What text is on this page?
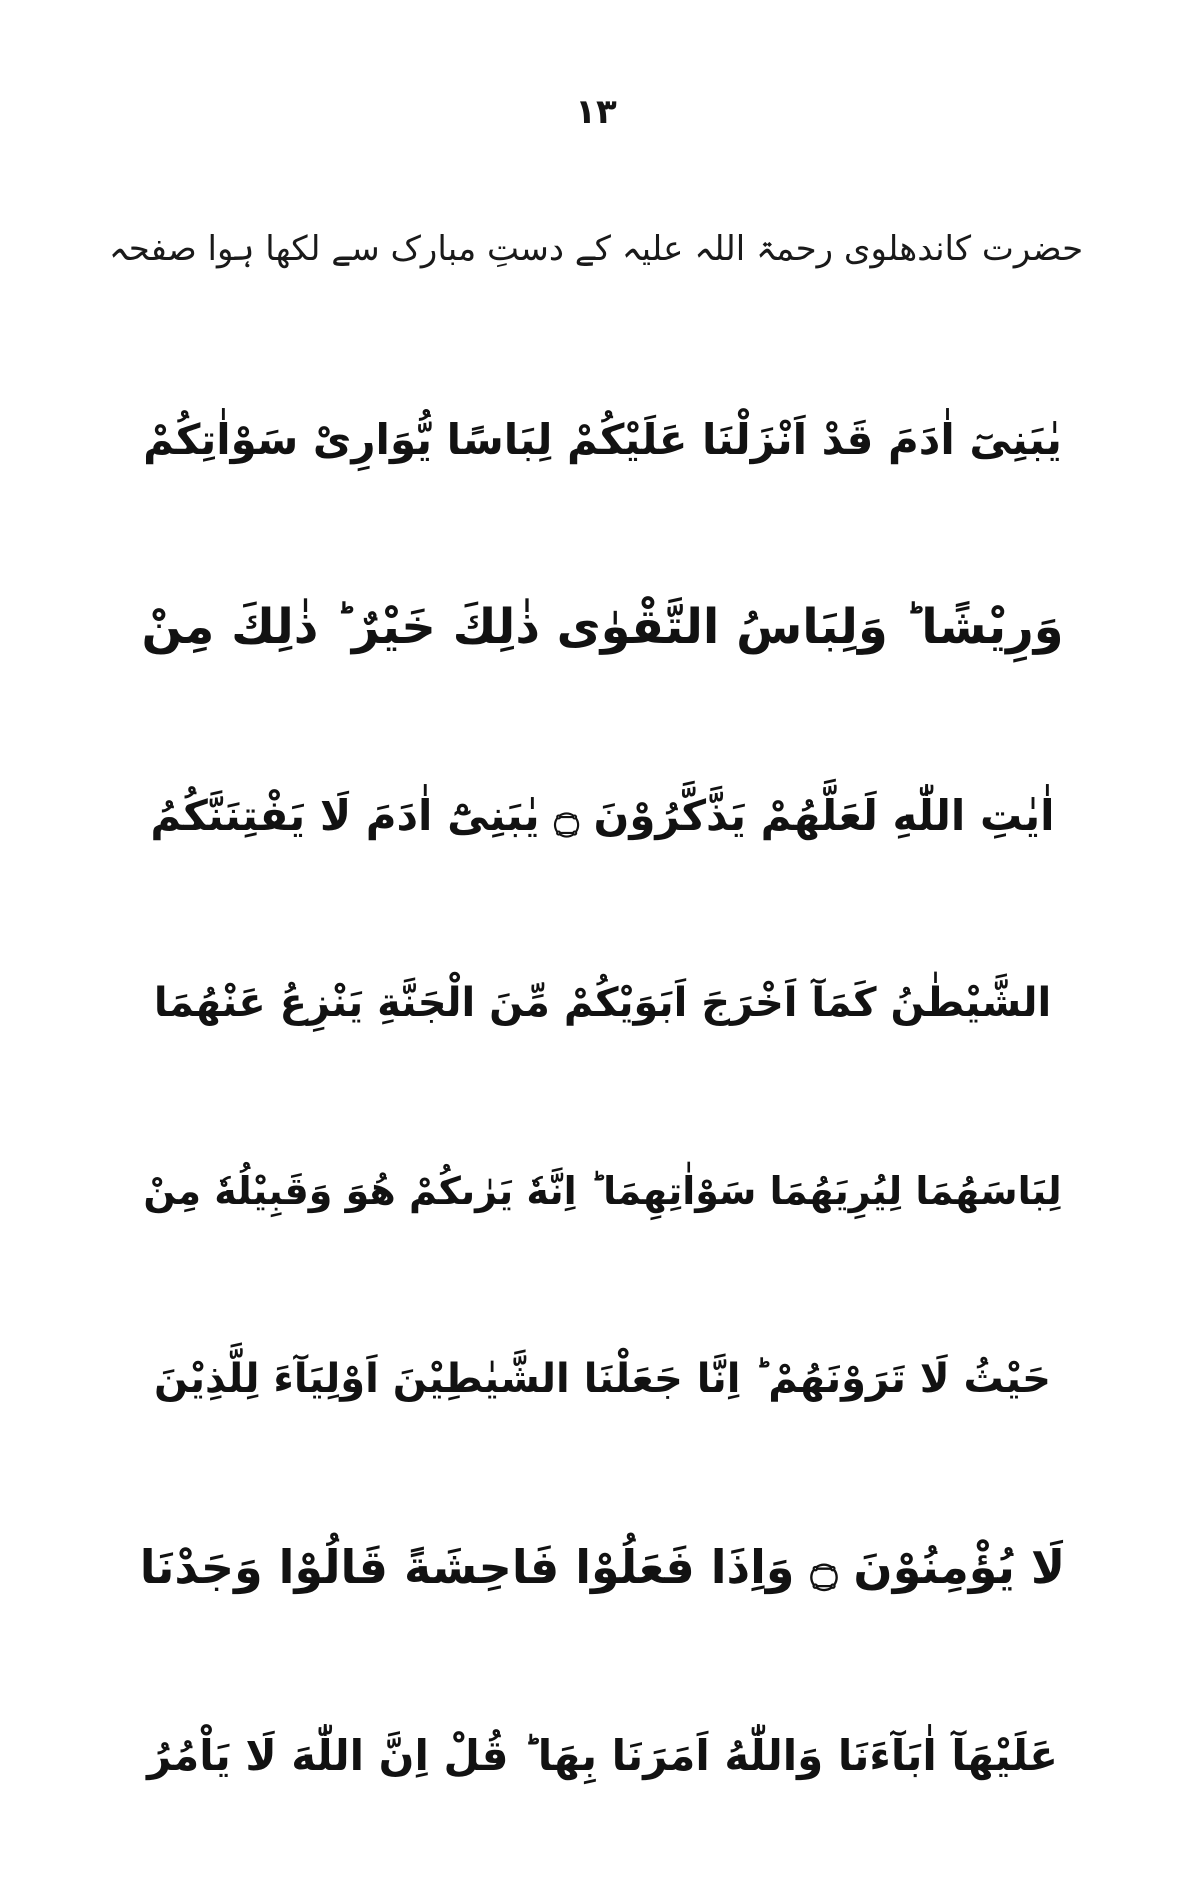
١٣
حضرت کاندھلوی رحمۃ اللہ علیہ کے دستِ مبارک سے لکھا ہوا صفحہ
یٰبَنِیٓ اٰدَمَ قَدْ اَنْزَلْنَا عَلَیْكُمْ لِبَاسًا یُّوَارِیْ سَوْاٰتِكُمْ
وَرِیْشًا ؕ وَلِبَاسُ التَّقْوٰی ذٰلِكَ خَیْرٌ ؕ ذٰلِكَ مِنْ
اٰیٰتِ اللّٰهِ لَعَلَّهُمْ یَذَّكَّرُوْنَ ۝ یٰبَنِیْٓ اٰدَمَ لَا یَفْتِنَنَّكُمُ
الشَّیْطٰنُ كَمَآ اَخْرَجَ اَبَوَیْكُمْ مِّنَ الْجَنَّةِ یَنْزِعُ عَنْهُمَا
لِبَاسَهُمَا لِیُرِیَهُمَا سَوْاٰتِهِمَا ؕ اِنَّهٗ یَرٰىكُمْ هُوَ وَقَبِیْلُهٗ مِنْ
حَیْثُ لَا تَرَوْنَهُمْ ؕ اِنَّا جَعَلْنَا الشَّیٰطِیْنَ اَوْلِیَآءَ لِلَّذِیْنَ
لَا یُؤْمِنُوْنَ ۝ وَاِذَا فَعَلُوْا فَاحِشَةً قَالُوْا وَجَدْنَا
عَلَیْهَآ اٰبَآءَنَا وَاللّٰهُ اَمَرَنَا بِهَا ؕ قُلْ اِنَّ اللّٰهَ لَا یَاْمُرُ
